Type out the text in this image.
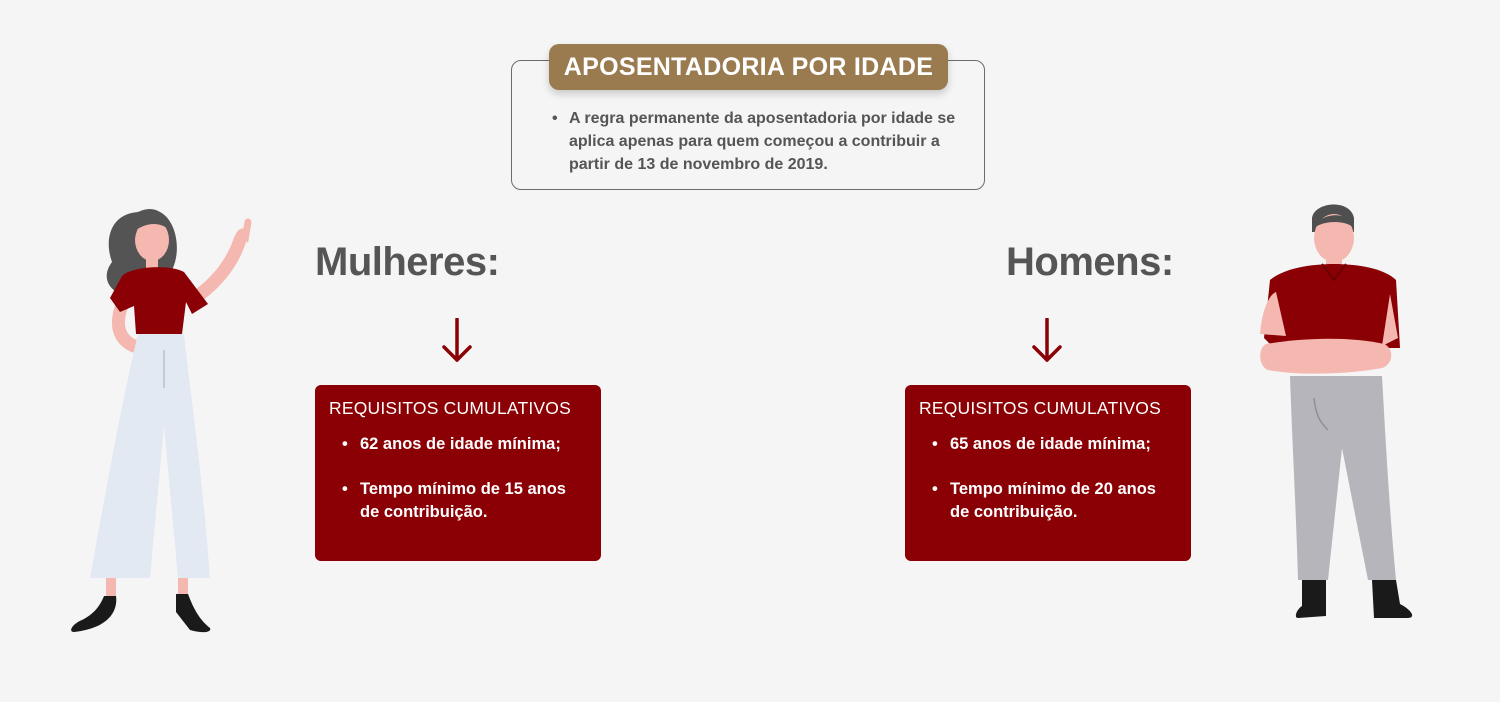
APOSENTADORIA POR IDADE
• A regra permanente da aposentadoria por idade se aplica apenas para quem começou a contribuir a partir de 13 de novembro de 2019.
Mulheres:
REQUISITOS CUMULATIVOS
• 62 anos de idade mínima;
• Tempo mínimo de 15 anos de contribuição.
Homens:
REQUISITOS CUMULATIVOS
• 65 anos de idade mínima;
• Tempo mínimo de 20 anos de contribuição.
